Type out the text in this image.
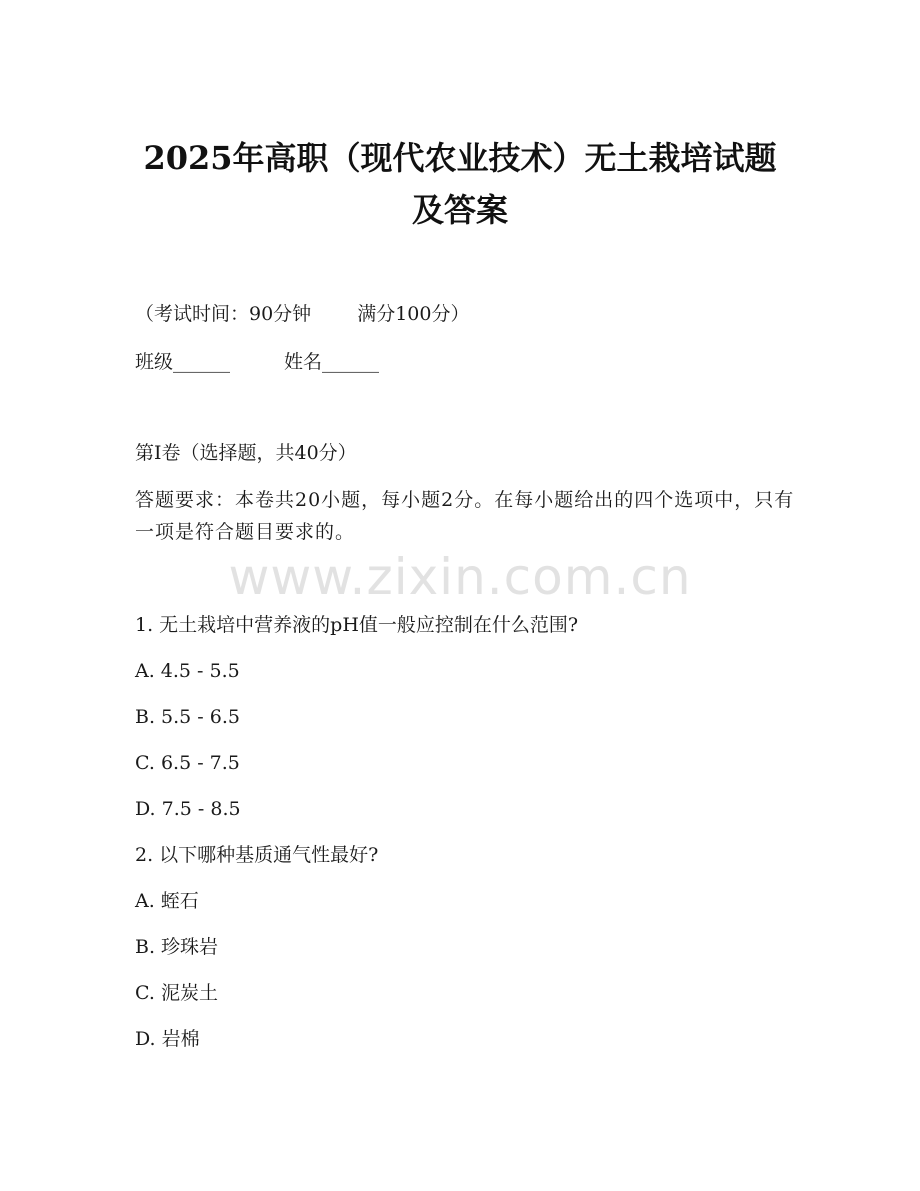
2025年高职（现代农业技术）无土栽培试题
及答案
（考试时间：90分钟 满分100分）
班级______	姓名______
第I卷（选择题，共40分）
答题要求：本卷共20小题，每小题2分。在每小题给出的四个选项中，只有一项是符合题目要求的。
www.zixin.com.cn
1. 无土栽培中营养液的pH值一般应控制在什么范围?
A. 4.5 - 5.5
B. 5.5 - 6.5
C. 6.5 - 7.5
D. 7.5 - 8.5
2. 以下哪种基质通气性最好?
A. 蛭石
B. 珍珠岩
C. 泥炭土
D. 岩棉
